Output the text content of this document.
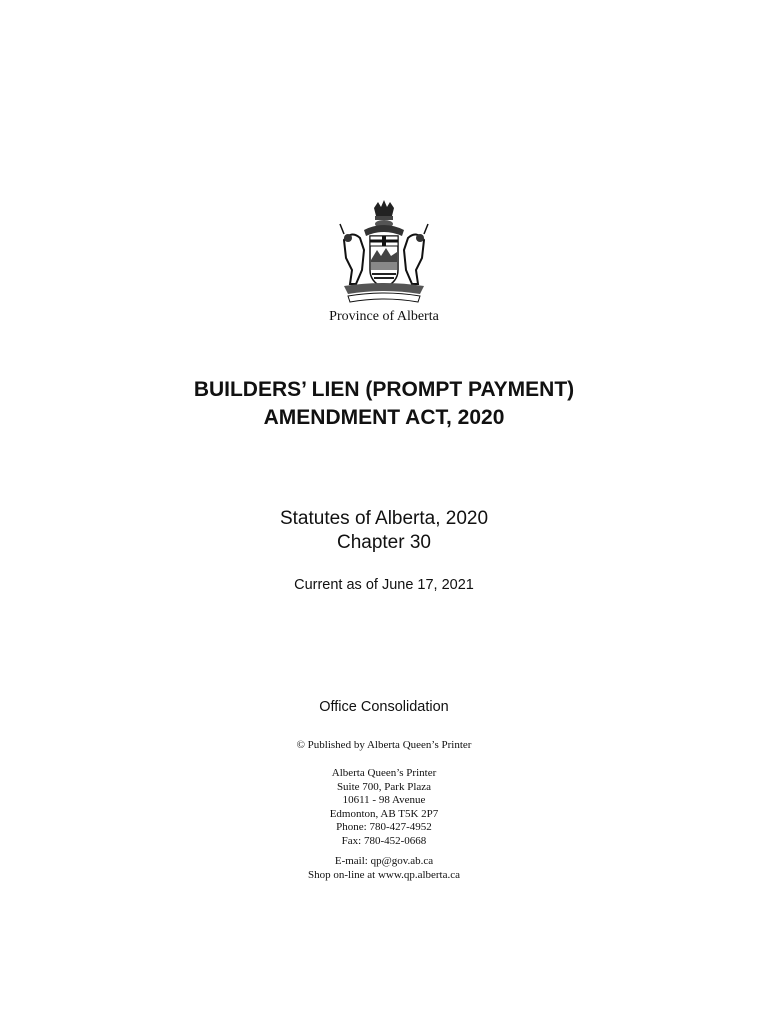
Province of Alberta
BUILDERS’ LIEN (PROMPT PAYMENT)
AMENDMENT ACT, 2020
Statutes of Alberta, 2020
Chapter 30
Current as of June 17, 2021
Office Consolidation
© Published by Alberta Queen’s Printer
Alberta Queen’s Printer
Suite 700, Park Plaza
10611 - 98 Avenue
Edmonton, AB T5K 2P7
Phone: 780-427-4952
Fax: 780-452-0668
E-mail: qp@gov.ab.ca
Shop on-line at www.qp.alberta.ca
